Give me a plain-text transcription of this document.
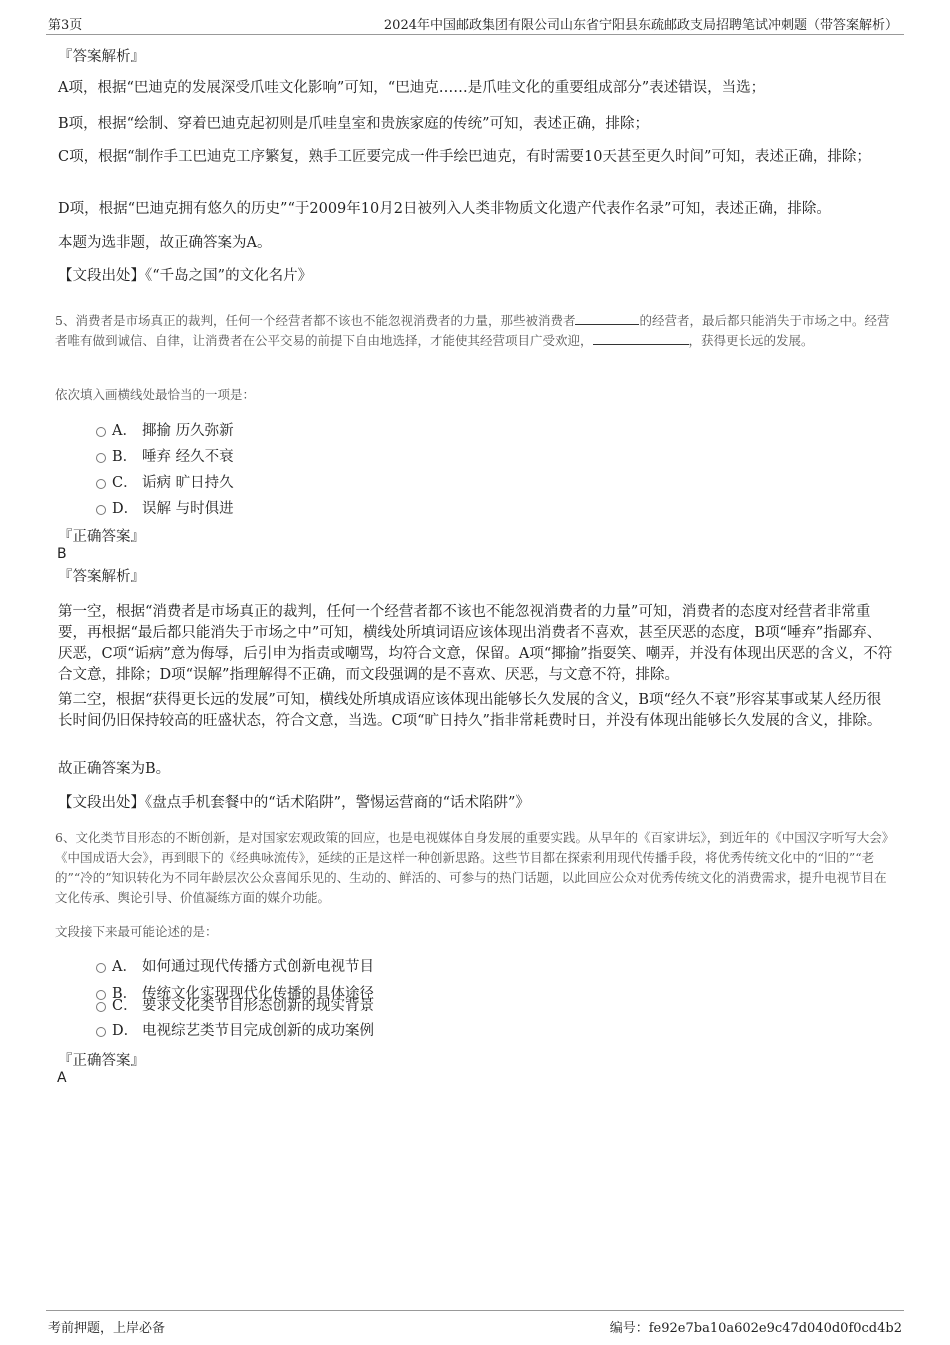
第3页	2024年中国邮政集团有限公司山东省宁阳县东疏邮政支局招聘笔试冲刺题（带答案解析）
『答案解析』

A项，根据“巴迪克的发展深受爪哇文化影响”可知，“巴迪克……是爪哇文化的重要组成部分”表述错误，当选；

B项，根据“绘制、穿着巴迪克起初则是爪哇皇室和贵族家庭的传统”可知，表述正确，排除；

C项，根据“制作手工巴迪克工序繁复，熟手工匠要完成一件手绘巴迪克，有时需要10天甚至更久时间”可知，表述正确，排除；

D项，根据“巴迪克拥有悠久的历史”“于2009年10月2日被列入人类非物质文化遗产代表作名录”可知，表述正确，排除。

本题为选非题，故正确答案为A。

【文段出处】《“千岛之国”的文化名片》

5、消费者是市场真正的裁判，任何一个经营者都不该也不能忽视消费者的力量，那些被消费者	的经营者，最后都只能消失于市场之中。经营者唯有做到诚信、自律，让消费者在公平交易的前提下自由地选择，才能使其经营项目广受欢迎，	，获得更长远的发展。

依次填入画横线处最恰当的一项是：

A． 揶揄 历久弥新
B． 唾弃 经久不衰
C． 诟病 旷日持久
D． 误解 与时俱进
『正确答案』
B
『答案解析』

第一空，根据“消费者是市场真正的裁判，任何一个经营者都不该也不能忽视消费者的力量”可知，消费者的态度对经营者非常重要，再根据“最后都只能消失于市场之中”可知，横线处所填词语应该体现出消费者不喜欢，甚至厌恶的态度，B项“唾弃”指鄙弃、厌恶，C项“诟病”意为侮辱，后引申为指责或嘲骂，均符合文意，保留。A项“揶揄”指耍笑、嘲弄，并没有体现出厌恶的含义，不符合文意，排除；D项“误解”指理解得不正确，而文段强调的是不喜欢、厌恶，与文意不符，排除。

第二空，根据“获得更长远的发展”可知，横线处所填成语应该体现出能够长久发展的含义，B项“经久不衰”形容某事或某人经历很长时间仍旧保持较高的旺盛状态，符合文意，当选。C项“旷日持久”指非常耗费时日，并没有体现出能够长久发展的含义，排除。

故正确答案为B。

【文段出处】《盘点手机套餐中的“话术陷阱”，警惕运营商的“话术陷阱”》

6、文化类节目形态的不断创新，是对国家宏观政策的回应，也是电视媒体自身发展的重要实践。从早年的《百家讲坛》，到近年的《中国汉字听写大会》《中国成语大会》，再到眼下的《经典咏流传》，延续的正是这样一种创新思路。这些节目都在探索利用现代传播手段，将优秀传统文化中的“旧的”“老的”“冷的”知识转化为不同年龄层次公众喜闻乐见的、生动的、鲜活的、可参与的热门话题，以此回应公众对优秀传统文化的消费需求，提升电视节目在文化传承、舆论引导、价值凝练方面的媒介功能。

文段接下来最可能论述的是：

A． 如何通过现代传播方式创新电视节目
B． 传统文化实现现代化传播的具体途径
C． 要求文化类节目形态创新的现实背景
D． 电视综艺类节目完成创新的成功案例
『正确答案』
A
考前押题，上岸必备	编号：fe92e7ba10a602e9c47d040d0f0cd4b2
